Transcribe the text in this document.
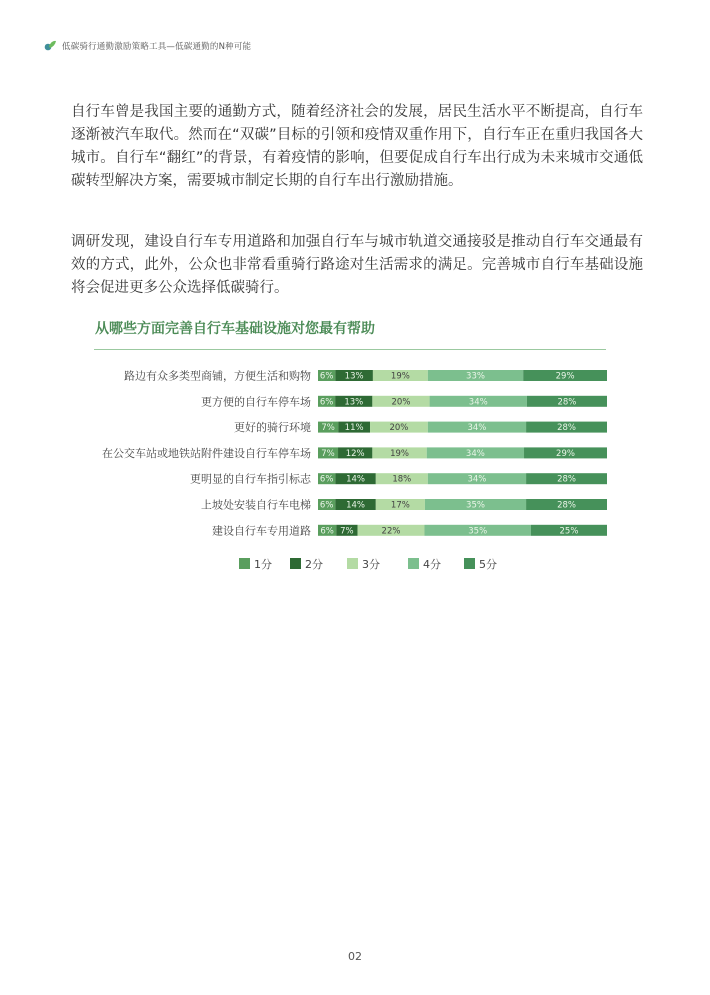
低碳骑行通勤激励策略工具—低碳通勤的N种可能

自行车曾是我国主要的通勤方式，随着经济社会的发展，居民生活水平不断提高，自行车逐渐被汽车取代。然而在“双碳”目标的引领和疫情双重作用下，自行车正在重归我国各大城市。自行车“翻红”的背景，有着疫情的影响，但要促成自行车出行成为未来城市交通低碳转型解决方案，需要城市制定长期的自行车出行激励措施。

调研发现，建设自行车专用道路和加强自行车与城市轨道交通接驳是推动自行车交通最有效的方式，此外，公众也非常看重骑行路途对生活需求的满足。完善城市自行车基础设施将会促进更多公众选择低碳骑行。

从哪些方面完善自行车基础设施对您最有帮助
路边有众多类型商铺，方便生活和购物 6% 13%	19%	33%	29%
更方便的自行车停车场 6% 13%	20%	34%	28%
更好的骑行环境 7% 11%	20%	34%	28%
在公交车站或地铁站附件建设自行车停车场 7% 12%	19%	34%	29%
更明显的自行车指引标志 6% 14%	18%	34%	28%
上坡处安装自行车电梯 6% 14%	17%	35%	28%
建设自行车专用道路 6% 7%	22%	35%	25%
1分	2分	3分	4分	5分
02
